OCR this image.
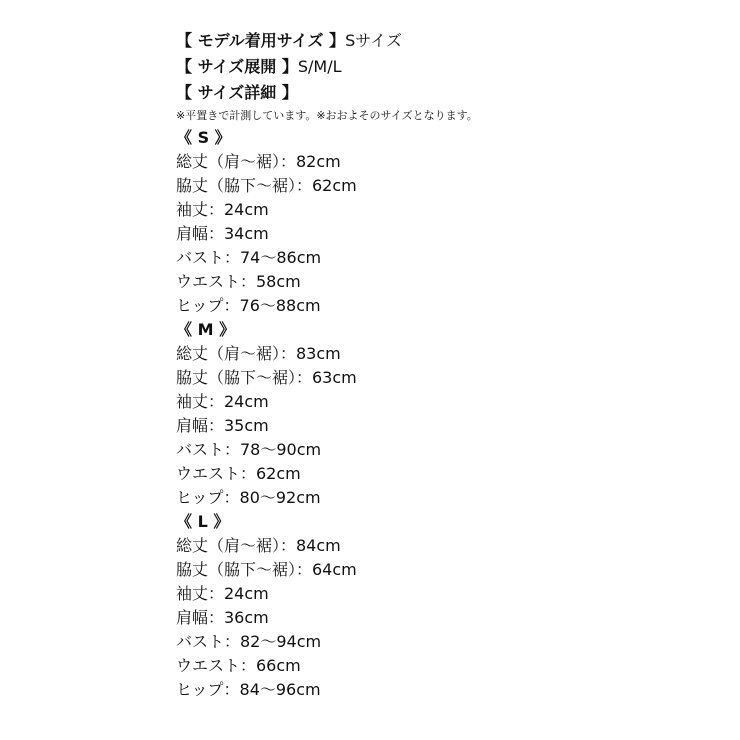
【 モデル着用サイズ 】Sサイズ
【 サイズ展開 】S/M/L
【 サイズ詳細 】
※平置きで計測しています。※おおよそのサイズとなります。
《 S 》
総丈（肩〜裾）：82cm
脇丈（脇下〜裾）：62cm
袖丈：24cm
肩幅：34cm
バスト：74〜86cm
ウエスト：58cm
ヒップ：76〜88cm
《 M 》
総丈（肩〜裾）：83cm
脇丈（脇下〜裾）：63cm
袖丈：24cm
肩幅：35cm
バスト：78〜90cm
ウエスト：62cm
ヒップ：80〜92cm
《 L 》
総丈（肩〜裾）：84cm
脇丈（脇下〜裾）：64cm
袖丈：24cm
肩幅：36cm
バスト：82〜94cm
ウエスト：66cm
ヒップ：84〜96cm
